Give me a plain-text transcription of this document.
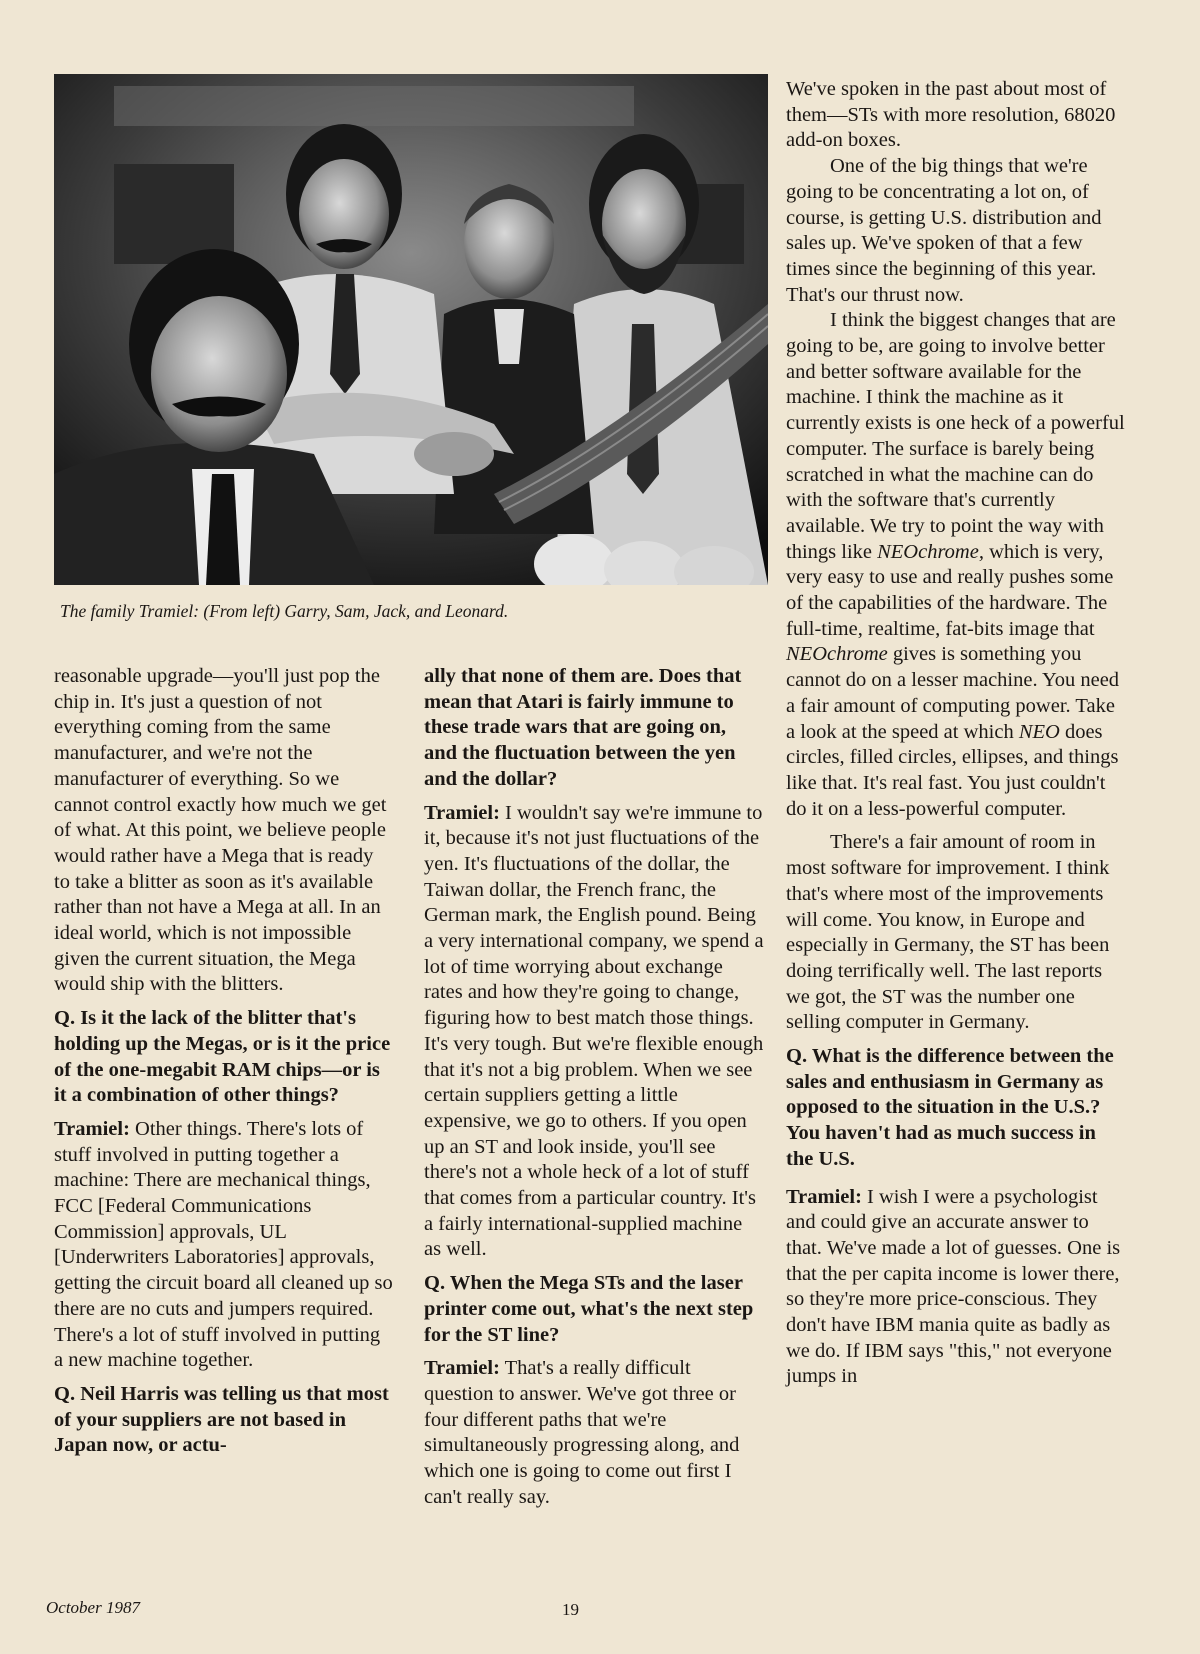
The family Tramiel: (From left) Garry, Sam, Jack, and Leonard.

reasonable upgrade—you'll just pop the chip in. It's just a question of not everything coming from the same manufacturer, and we're not the manufacturer of everything. So we cannot control exactly how much we get of what. At this point, we believe people would rather have a Mega that is ready to take a blitter as soon as it's available rather than not have a Mega at all. In an ideal world, which is not impossible given the current situation, the Mega would ship with the blitters.

Q. Is it the lack of the blitter that's holding up the Megas, or is it the price of the one-megabit RAM chips—or is it a combination of other things?

Tramiel: Other things. There's lots of stuff involved in putting together a machine: There are mechanical things, FCC [Federal Communications Commission] approvals, UL [Underwriters Laboratories] approvals, getting the circuit board all cleaned up so there are no cuts and jumpers required. There's a lot of stuff involved in putting a new machine together.

Q. Neil Harris was telling us that most of your suppliers are not based in Japan now, or actu-

ally that none of them are. Does that mean that Atari is fairly immune to these trade wars that are going on, and the fluctuation between the yen and the dollar?

Tramiel: I wouldn't say we're immune to it, because it's not just fluctuations of the yen. It's fluctuations of the dollar, the Taiwan dollar, the French franc, the German mark, the English pound. Being a very international company, we spend a lot of time worrying about exchange rates and how they're going to change, figuring how to best match those things. It's very tough. But we're flexible enough that it's not a big problem. When we see certain suppliers getting a little expensive, we go to others. If you open up an ST and look inside, you'll see there's not a whole heck of a lot of stuff that comes from a particular country. It's a fairly international-supplied machine as well.

Q. When the Mega STs and the laser printer come out, what's the next step for the ST line?

Tramiel: That's a really difficult question to answer. We've got three or four different paths that we're simultaneously progressing along, and which one is going to come out first I can't really say.

We've spoken in the past about most of them—STs with more resolution, 68020 add-on boxes.

One of the big things that we're going to be concentrating a lot on, of course, is getting U.S. distribution and sales up. We've spoken of that a few times since the beginning of this year. That's our thrust now.

I think the biggest changes that are going to be, are going to involve better and better software available for the machine. I think the machine as it currently exists is one heck of a powerful computer. The surface is barely being scratched in what the machine can do with the software that's currently available. We try to point the way with things like NEOchrome, which is very, very easy to use and really pushes some of the capabilities of the hardware. The full-time, realtime, fat-bits image that NEOchrome gives is something you cannot do on a lesser machine. You need a fair amount of computing power. Take a look at the speed at which NEO does circles, filled circles, ellipses, and things like that. It's real fast. You just couldn't do it on a less-powerful computer.

There's a fair amount of room in most software for improvement. I think that's where most of the improvements will come. You know, in Europe and especially in Germany, the ST has been doing terrifically well. The last reports we got, the ST was the number one selling computer in Germany.

Q. What is the difference between the sales and enthusiasm in Germany as opposed to the situation in the U.S.? You haven't had as much success in the U.S.

Tramiel: I wish I were a psychologist and could give an accurate answer to that. We've made a lot of guesses. One is that the per capita income is lower there, so they're more price-conscious. They don't have IBM mania quite as badly as we do. If IBM says "this," not everyone jumps in

October 1987	19
